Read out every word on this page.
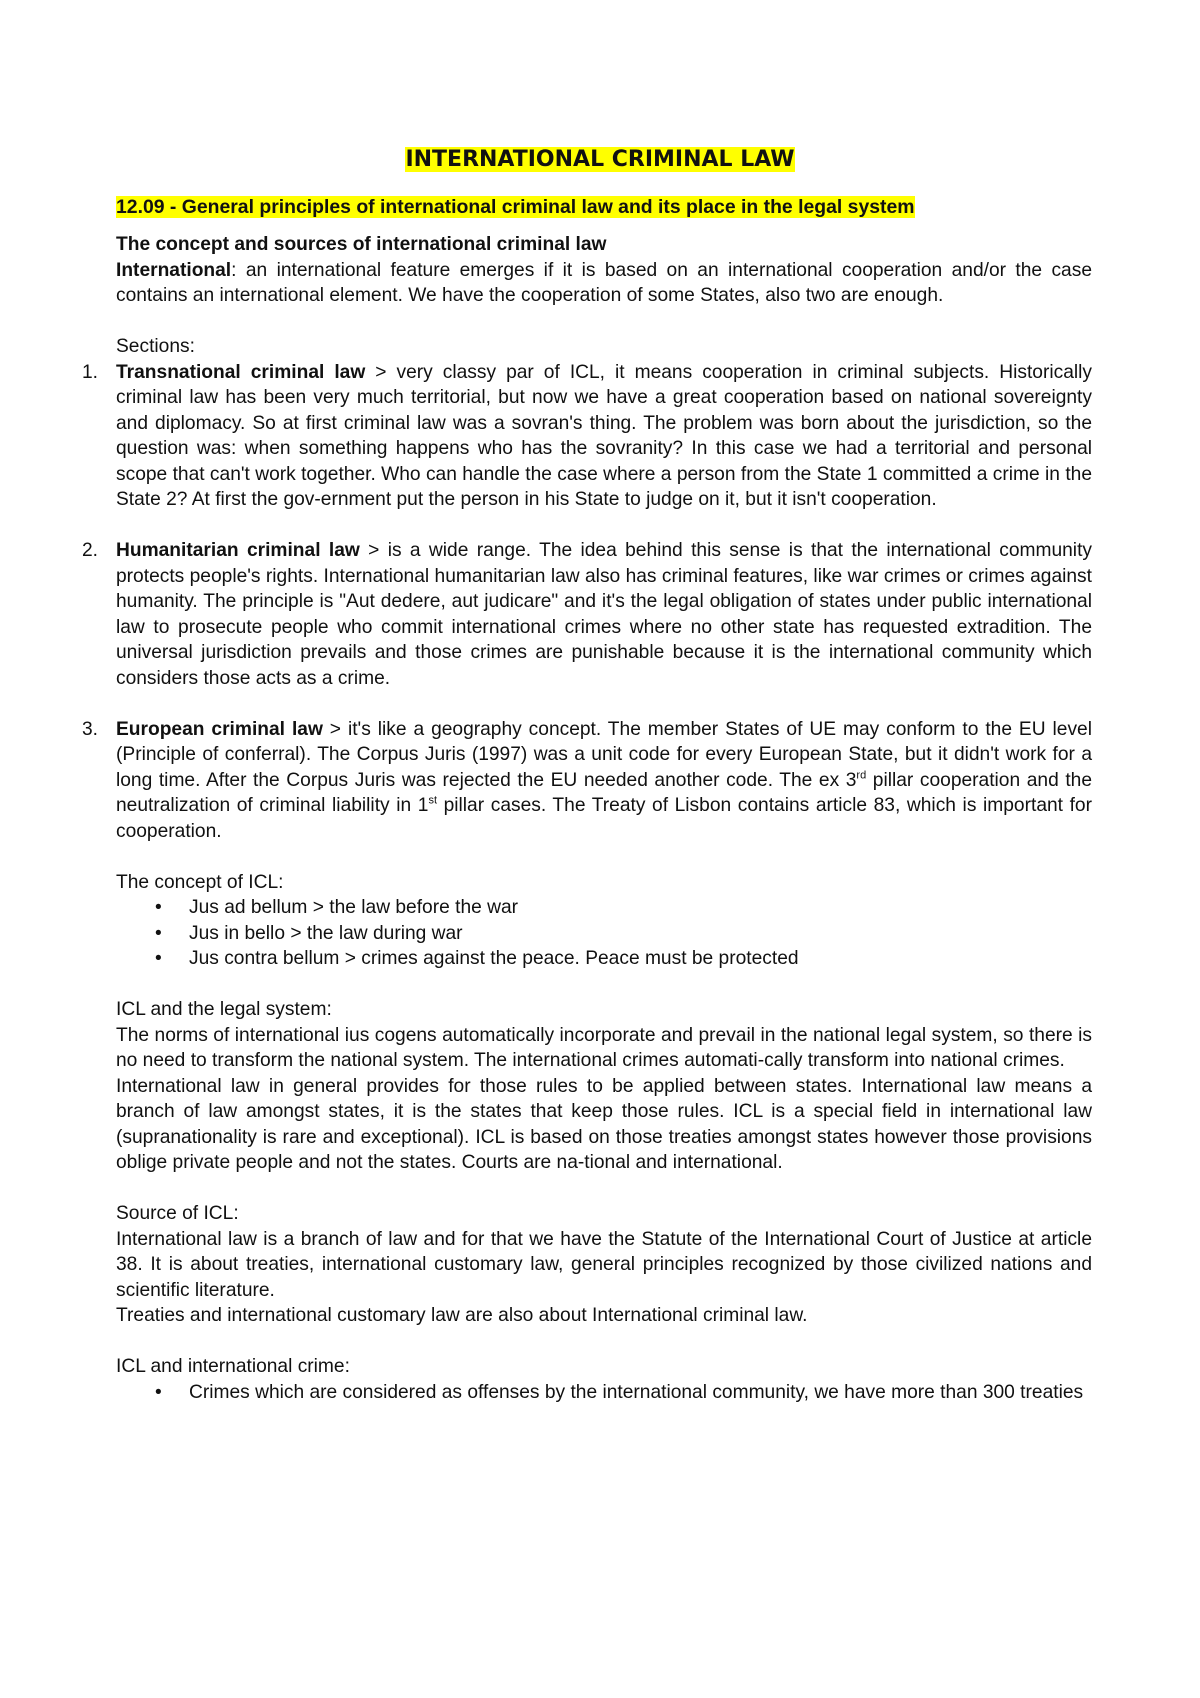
INTERNATIONAL CRIMINAL LAW
12.09 - General principles of international criminal law and its place in the legal system

The concept and sources of international criminal law

International: an international feature emerges if it is based on an international cooperation and/or the case contains an international element. We have the cooperation of some States, also two are enough.

Sections:

1. Transnational criminal law > very classy par of ICL, it means cooperation in criminal subjects. Historically criminal law has been very much territorial, but now we have a great cooperation based on national sovereignty and diplomacy. So at first criminal law was a sovran's thing. The problem was born about the jurisdiction, so the question was: when something happens who has the sovranity? In this case we had a territorial and personal scope that can't work together. Who can handle the case where a person from the State 1 committed a crime in the State 2? At first the gov-ernment put the person in his State to judge on it, but it isn't cooperation.
2. Humanitarian criminal law > is a wide range. The idea behind this sense is that the international community protects people's rights. International humanitarian law also has criminal features, like war crimes or crimes against humanity. The principle is "Aut dedere, aut judicare" and it's the legal obligation of states under public international law to prosecute people who commit international crimes where no other state has requested extradition. The universal jurisdiction prevails and those crimes are punishable because it is the international community which considers those acts as a crime.
3. European criminal law > it's like a geography concept. The member States of UE may conform to the EU level (Principle of conferral). The Corpus Juris (1997) was a unit code for every European State, but it didn't work for a long time. After the Corpus Juris was rejected the EU needed another code. The ex 3rd pillar cooperation and the neutralization of criminal liability in 1st pillar cases. The Treaty of Lisbon contains article 83, which is important for cooperation.

The concept of ICL:

• Jus ad bellum > the law before the war
• Jus in bello > the law during war
• Jus contra bellum > crimes against the peace. Peace must be protected

ICL and the legal system:

The norms of international ius cogens automatically incorporate and prevail in the national legal system, so there is no need to transform the national system. The international crimes automati-cally transform into national crimes.

International law in general provides for those rules to be applied between states. International law means a branch of law amongst states, it is the states that keep those rules. ICL is a special field in international law (supranationality is rare and exceptional). ICL is based on those treaties amongst states however those provisions oblige private people and not the states. Courts are na-tional and international.

Source of ICL:

International law is a branch of law and for that we have the Statute of the International Court of Justice at article 38. It is about treaties, international customary law, general principles recognized by those civilized nations and scientific literature.

Treaties and international customary law are also about International criminal law.

ICL and international crime:

• Crimes which are considered as offenses by the international community, we have more than 300 treaties
